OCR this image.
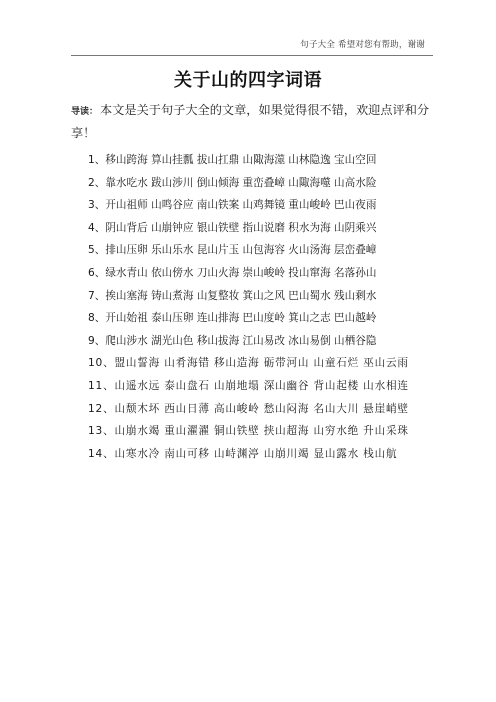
句子大全 希望对您有帮助，谢谢
关于山的四字词语
导读： 本文是关于句子大全的文章，如果觉得很不错，欢迎点评和分享！
1、移山跨海 算山挂瓢 拔山扛鼎 山陬海澨 山林隐逸 宝山空回
2、靠水吃水 跋山涉川 倒山倾海 重峦叠嶂 山陬海噬 山高水险
3、开山祖师 山鸣谷应 南山铁案 山鸡舞镜 重山峻岭 巴山夜雨
4、阴山背后 山崩钟应 银山铁壁 指山说磨 积水为海 山阴乘兴
5、排山压卵 乐山乐水 昆山片玉 山包海容 火山汤海 层峦叠嶂
6、绿水青山 依山傍水 刀山火海 崇山峻岭 投山窜海 名落孙山
7、挨山塞海 铸山煮海 山复整妆 箕山之风 巴山蜀水 残山剩水
8、开山始祖 泰山压卵 连山排海 巴山度岭 箕山之志 巴山越岭
9、爬山涉水 湖光山色 移山拔海 江山易改 冰山易倒 山栖谷隐
10、盟山誓海 山肴海错 移山造海 砺带河山 山童石烂 巫山云雨
11、山遥水远 泰山盘石 山崩地塌 深山幽谷 背山起楼 山水相连
12、山颓木坏 西山日薄 高山峻岭 愁山闷海 名山大川 悬崖峭壁
13、山崩水竭 重山濯濯 铜山铁壁 挟山超海 山穷水绝 升山采珠
14、山寒水冷 南山可移 山峙渊渟 山崩川竭 显山露水 栈山航
